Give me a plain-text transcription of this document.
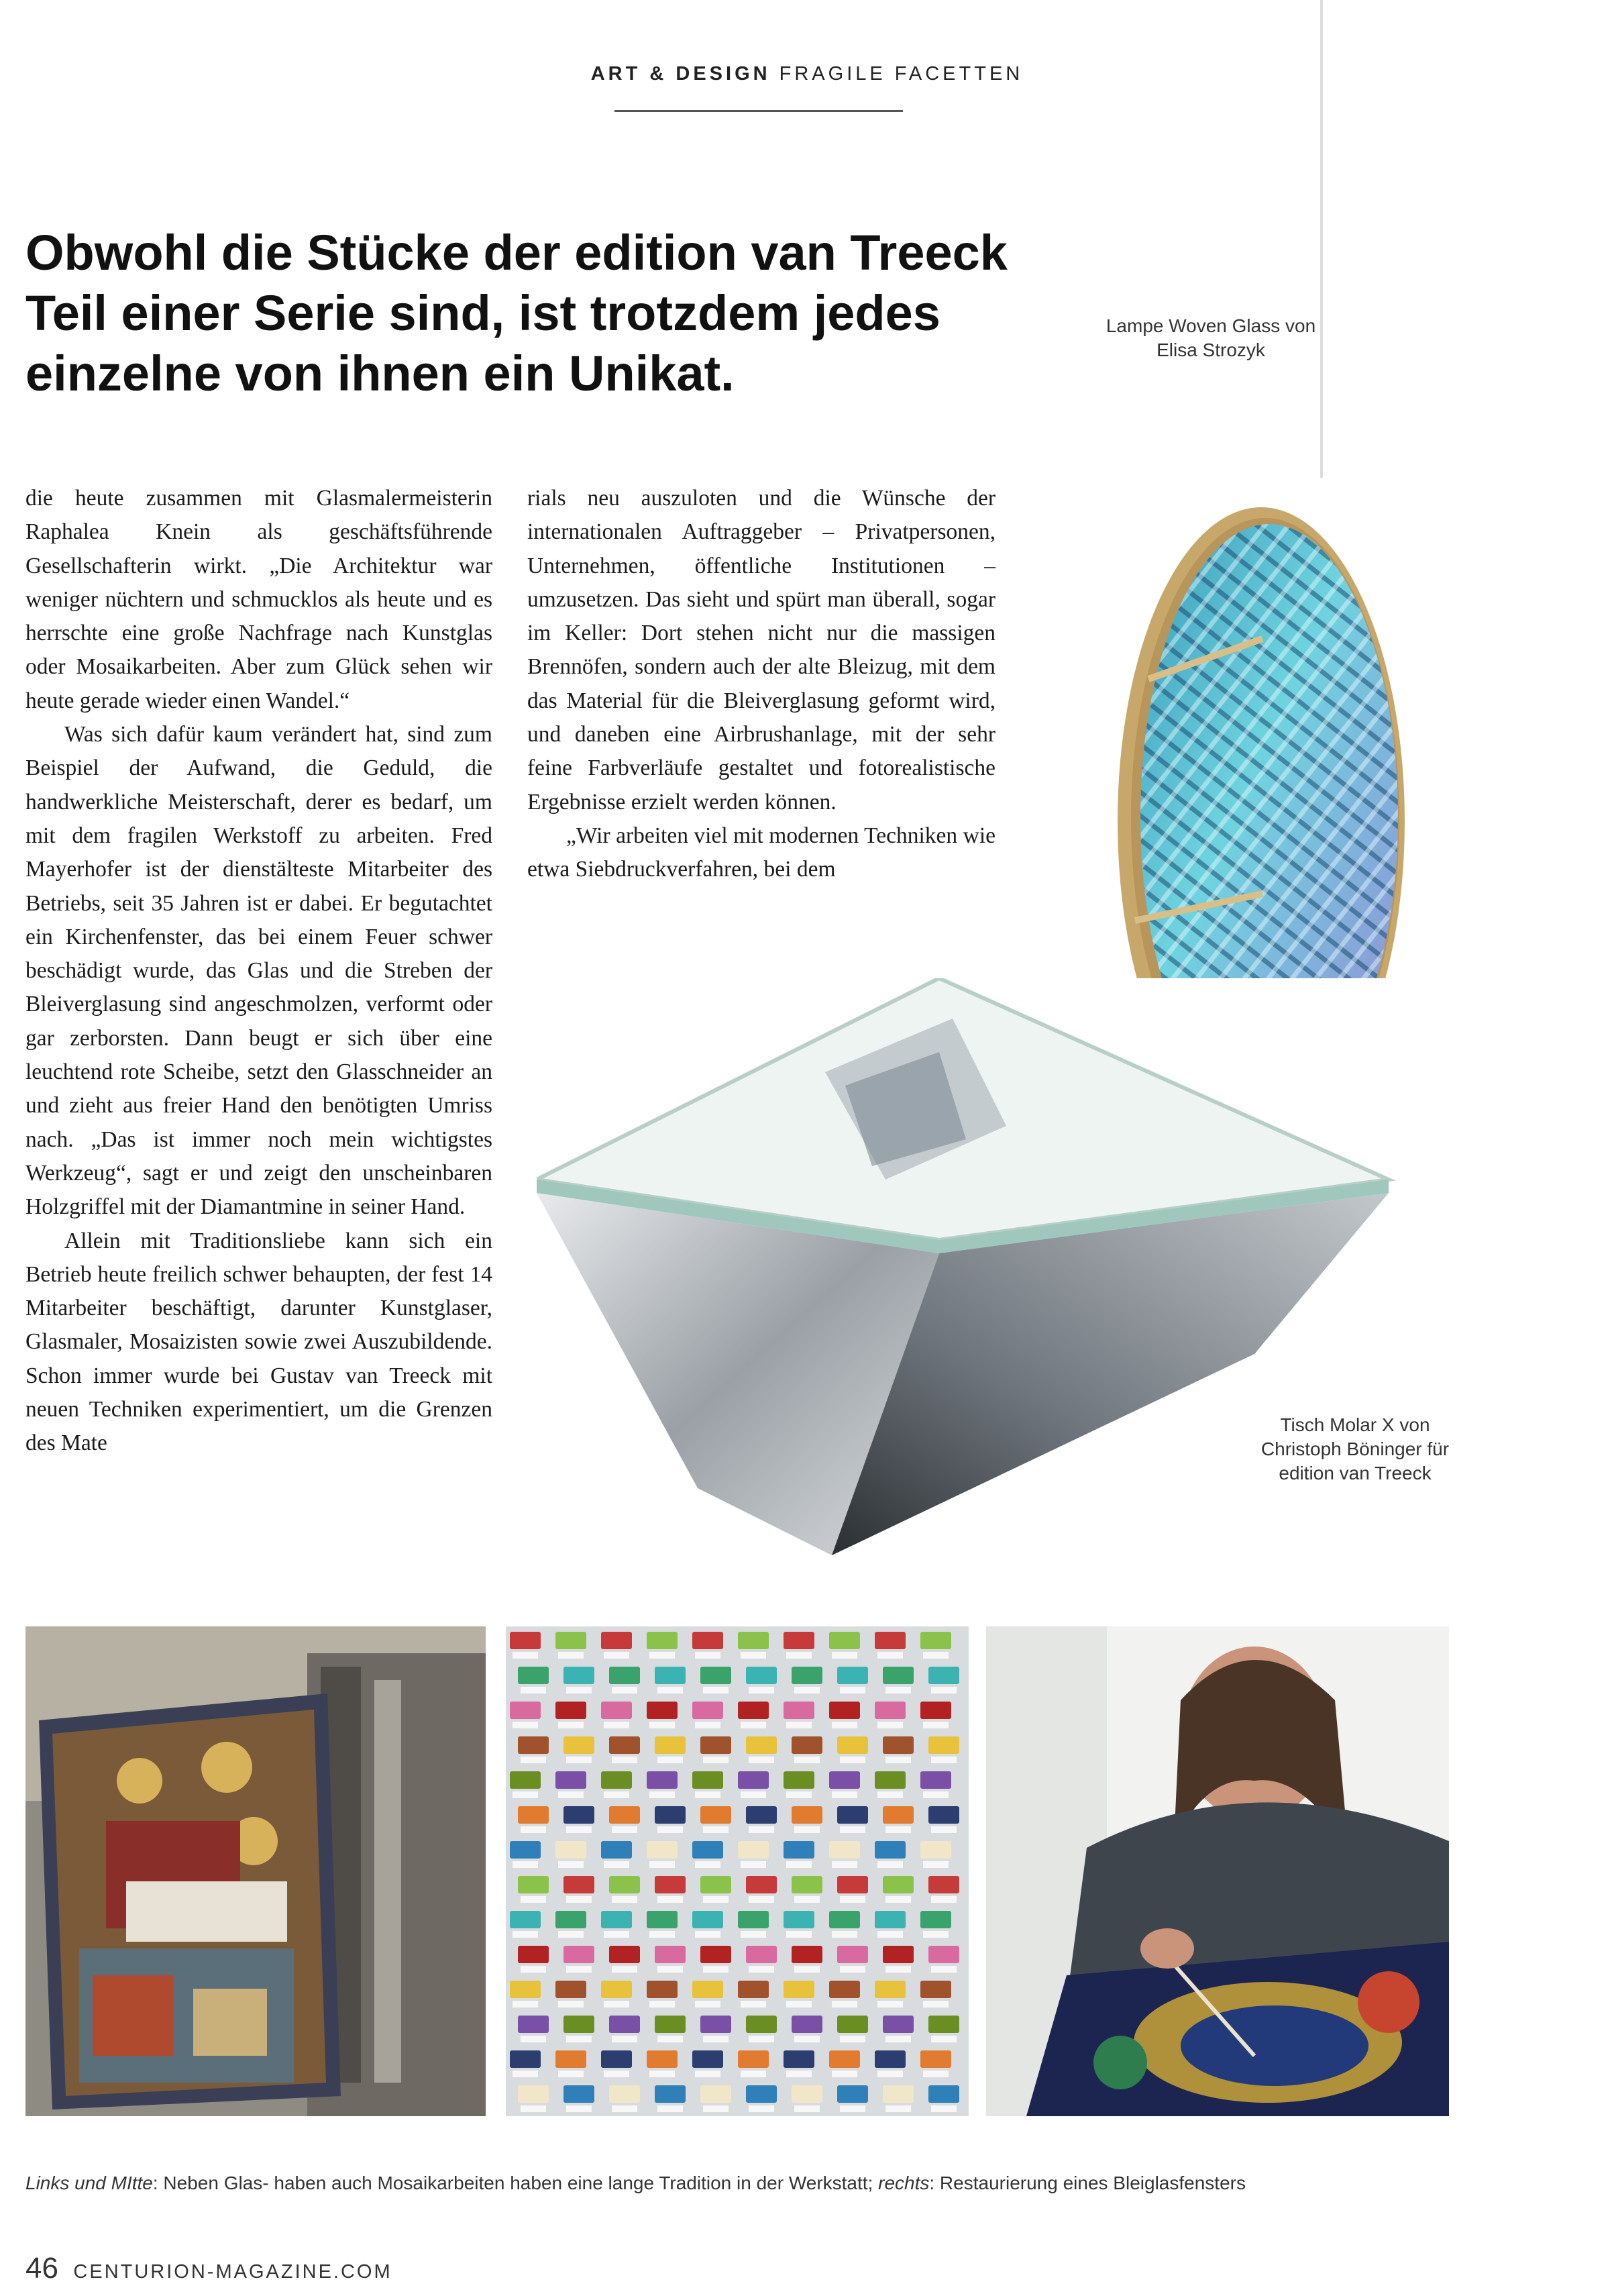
ART & DESIGN FRAGILE FACETTEN
Obwohl die Stücke der edition van Treeck Teil einer Serie sind, ist trotzdem jedes einzelne von ihnen ein Unikat.
Lampe Woven Glass von Elisa Strozyk

die heute zusammen mit Glasmalermeisterin Raphalea Knein als geschäftsführende Gesellschafterin wirkt. „Die Architektur war weniger nüchtern und schmucklos als heute und es herrschte eine große Nachfrage nach Kunstglas oder Mosaikarbeiten. Aber zum Glück sehen wir heute gerade wieder einen Wandel.“

Was sich dafür kaum verändert hat, sind zum Beispiel der Aufwand, die Geduld, die handwerkliche Meisterschaft, derer es bedarf, um mit dem fragilen Werkstoff zu arbeiten. Fred Mayerhofer ist der dienstälteste Mitarbeiter des Betriebs, seit 35 Jahren ist er dabei. Er begutachtet ein Kirchenfenster, das bei einem Feuer schwer beschädigt wurde, das Glas und die Streben der Bleiverglasung sind angeschmolzen, verformt oder gar zerborsten. Dann beugt er sich über eine leuchtend rote Scheibe, setzt den Glasschneider an und zieht aus freier Hand den benötigten Umriss nach. „Das ist immer noch mein wichtigstes Werkzeug“, sagt er und zeigt den unscheinbaren Holzgriffel mit der Diamantmine in seiner Hand.

Allein mit Traditionsliebe kann sich ein Betrieb heute freilich schwer behaupten, der fest 14 Mitarbeiter beschäftigt, darunter Kunstglaser, Glasmaler, Mosaizisten sowie zwei Auszubildende. Schon immer wurde bei Gustav van Treeck mit neuen Techniken experimentiert, um die Grenzen des Mate

rials neu auszuloten und die Wünsche der internationalen Auftraggeber – Privatpersonen, Unternehmen, öffentliche Institutionen – umzusetzen. Das sieht und spürt man überall, sogar im Keller: Dort stehen nicht nur die massigen Brennöfen, sondern auch der alte Bleizug, mit dem das Material für die Bleiverglasung geformt wird, und daneben eine Airbrushanlage, mit der sehr feine Farbverläufe gestaltet und fotorealistische Ergebnisse erzielt werden können.

„Wir arbeiten viel mit modernen Techniken wie etwa Siebdruckverfahren, bei dem

Tisch Molar X von Christoph Böninger für edition van Treeck
Links und MItte: Neben Glas- haben auch Mosaikarbeiten haben eine lange Tradition in der Werkstatt; rechts: Restaurierung eines Bleiglasfensters
46 CENTURION-MAGAZINE.COM
